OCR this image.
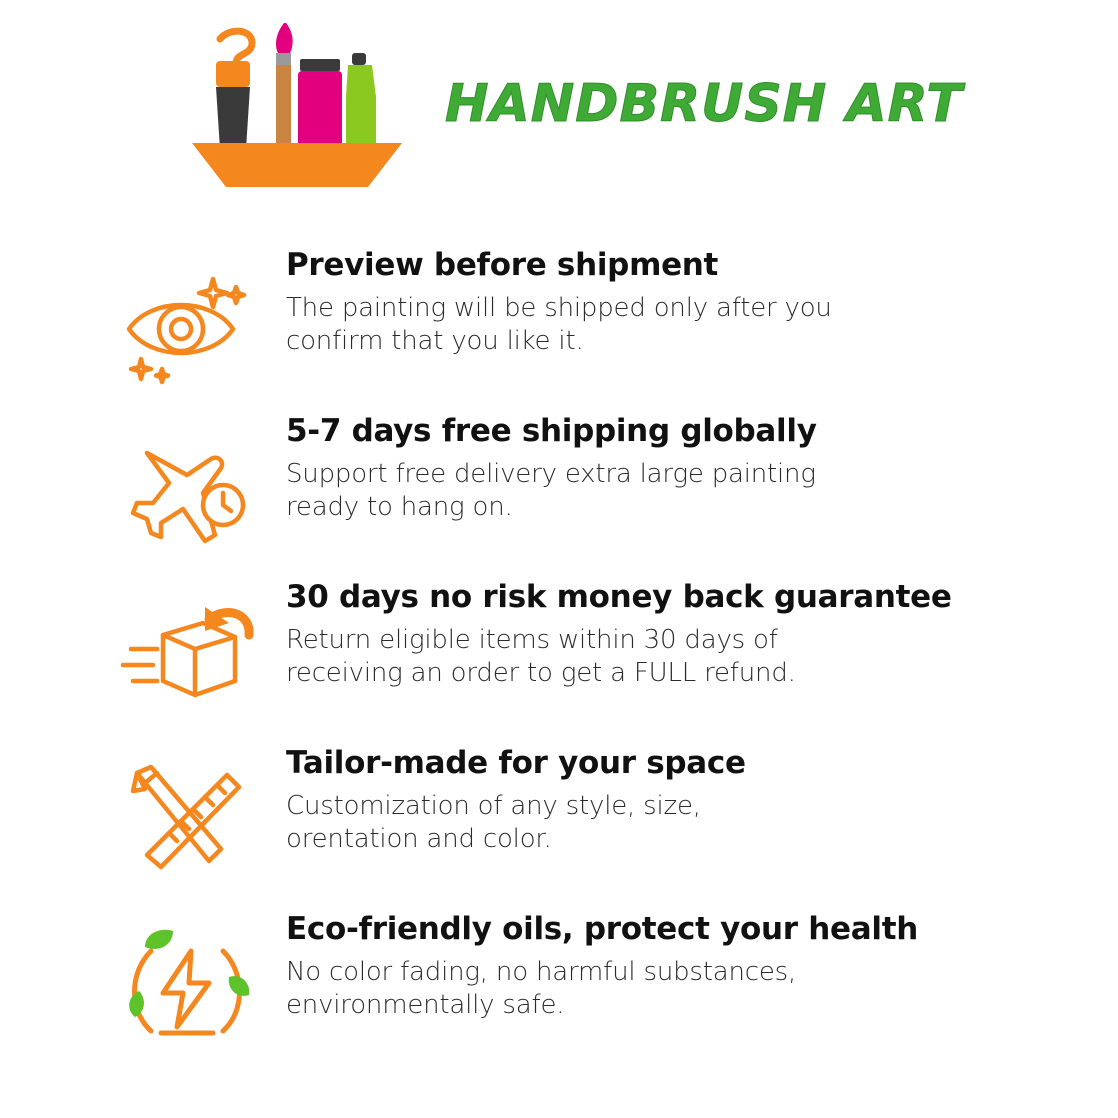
HANDBRUSH ART
Preview before shipment

The painting will be shipped only after you
confirm that you like it.

5-7 days free shipping globally

Support free delivery extra large painting
ready to hang on.

30 days no risk money back guarantee

Return eligible items within 30 days of
receiving an order to get a FULL refund.

Tailor-made for your space

Customization of any style, size,
orentation and color.

Eco-friendly oils, protect your health

No color fading, no harmful substances,
environmentally safe.
